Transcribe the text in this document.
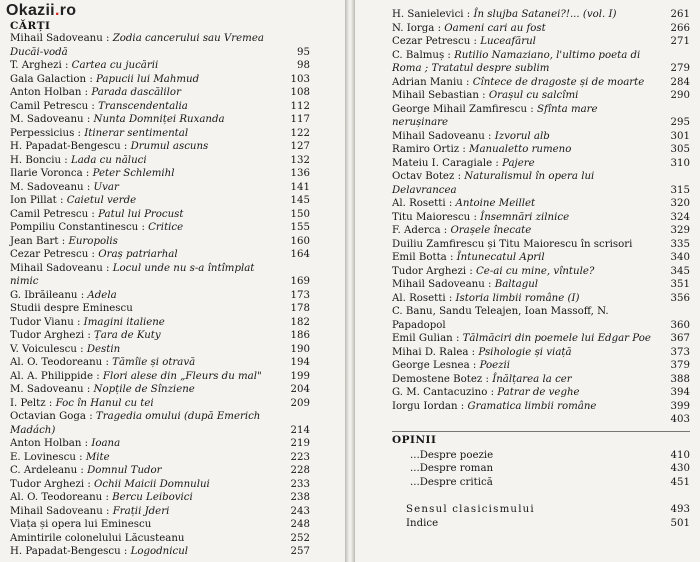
Okazii.ro
CĂRȚI
Mihail Sadoveanu : Zodia cancerului sau Vremea Ducăi-vodă	95
T. Arghezi : Cartea cu jucării	98
Gala Galaction : Papucii lui Mahmud	103
Anton Holban : Parada dascălilor	108
Camil Petrescu : Transcendentalia	112
M. Sadoveanu : Nunta Domniței Ruxanda	117
Perpessicius : Itinerar sentimental	122
H. Papadat-Bengescu : Drumul ascuns	127
H. Bonciu : Lada cu năluci	132
Ilarie Voronca : Peter Schlemihl	136
M. Sadoveanu : Uvar	141
Ion Pillat : Caietul verde	145
Camil Petrescu : Patul lui Procust	150
Pompiliu Constantinescu : Critice	155
Jean Bart : Europolis	160
Cezar Petrescu : Oraș patriarhal	164
Mihail Sadoveanu : Locul unde nu s-a întîmplat nimic	169
G. Ibrăileanu : Adela	173
Studii despre Eminescu	178
Tudor Vianu : Imagini italiene	182
Tudor Arghezi : Țara de Kuty	186
V. Voiculescu : Destin	190
Al. O. Teodoreanu : Tămîie și otravă	194
Al. A. Philippide : Flori alese din „Fleurs du mal"	199
M. Sadoveanu : Nopțile de Sînziene	204
I. Peltz : Foc în Hanul cu tei	209
Octavian Goga : Tragedia omului (după Emerich Madách)	214
Anton Holban : Ioana	219
E. Lovinescu : Mite	223
C. Ardeleanu : Domnul Tudor	228
Tudor Arghezi : Ochii Maicii Domnului	233
Al. O. Teodoreanu : Bercu Leibovici	238
Mihail Sadoveanu : Frații Jderi	243
Viața și opera lui Eminescu	248
Amintirile colonelului Lăcusteanu	252
H. Papadat-Bengescu : Logodnicul	257
H. Sanielevici : În slujba Satanei?!... (vol. I)	261
N. Iorga : Oameni cari au fost	266
Cezar Petrescu : Luceafărul	271
C. Balmuș : Rutilio Namaziano, l'ultimo poeta di Roma ; Tratatul despre sublim	279
Adrian Maniu : Cîntece de dragoste și de moarte	284
Mihail Sebastian : Orașul cu salcîmi	290
George Mihail Zamfirescu : Sfînta mare nerușinare	295
Mihail Sadoveanu : Izvorul alb	301
Ramiro Ortiz : Manualetto rumeno	305
Mateiu I. Caragiale : Pajere	310
Octav Botez : Naturalismul în opera lui Delavrancea	315
Al. Rosetti : Antoine Meillet	320
Titu Maiorescu : Însemnări zilnice	324
F. Aderca : Orașele înecate	329
Duiliu Zamfirescu și Titu Maiorescu în scrisori	335
Emil Botta : Întunecatul April	340
Tudor Arghezi : Ce-ai cu mine, vîntule?	345
Mihail Sadoveanu : Baltagul	351
Al. Rosetti : Istoria limbii române (I)	356
C. Banu, Sandu Teleajen, Ioan Massoff, N. Papadopol	360
Emil Gulian : Tălmăciri din poemele lui Edgar Poe	367
Mihai D. Ralea : Psihologie și viață	373
George Lesnea : Poezii	379
Demostene Botez : Înălțarea la cer	388
G. M. Cantacuzino : Patrar de veghe	394
Iorgu Iordan : Gramatica limbii române	399
403
OPINII
...Despre poezie	410
...Despre roman	430
...Despre critică	451
Sensul clasicismului	493
Indice	501
